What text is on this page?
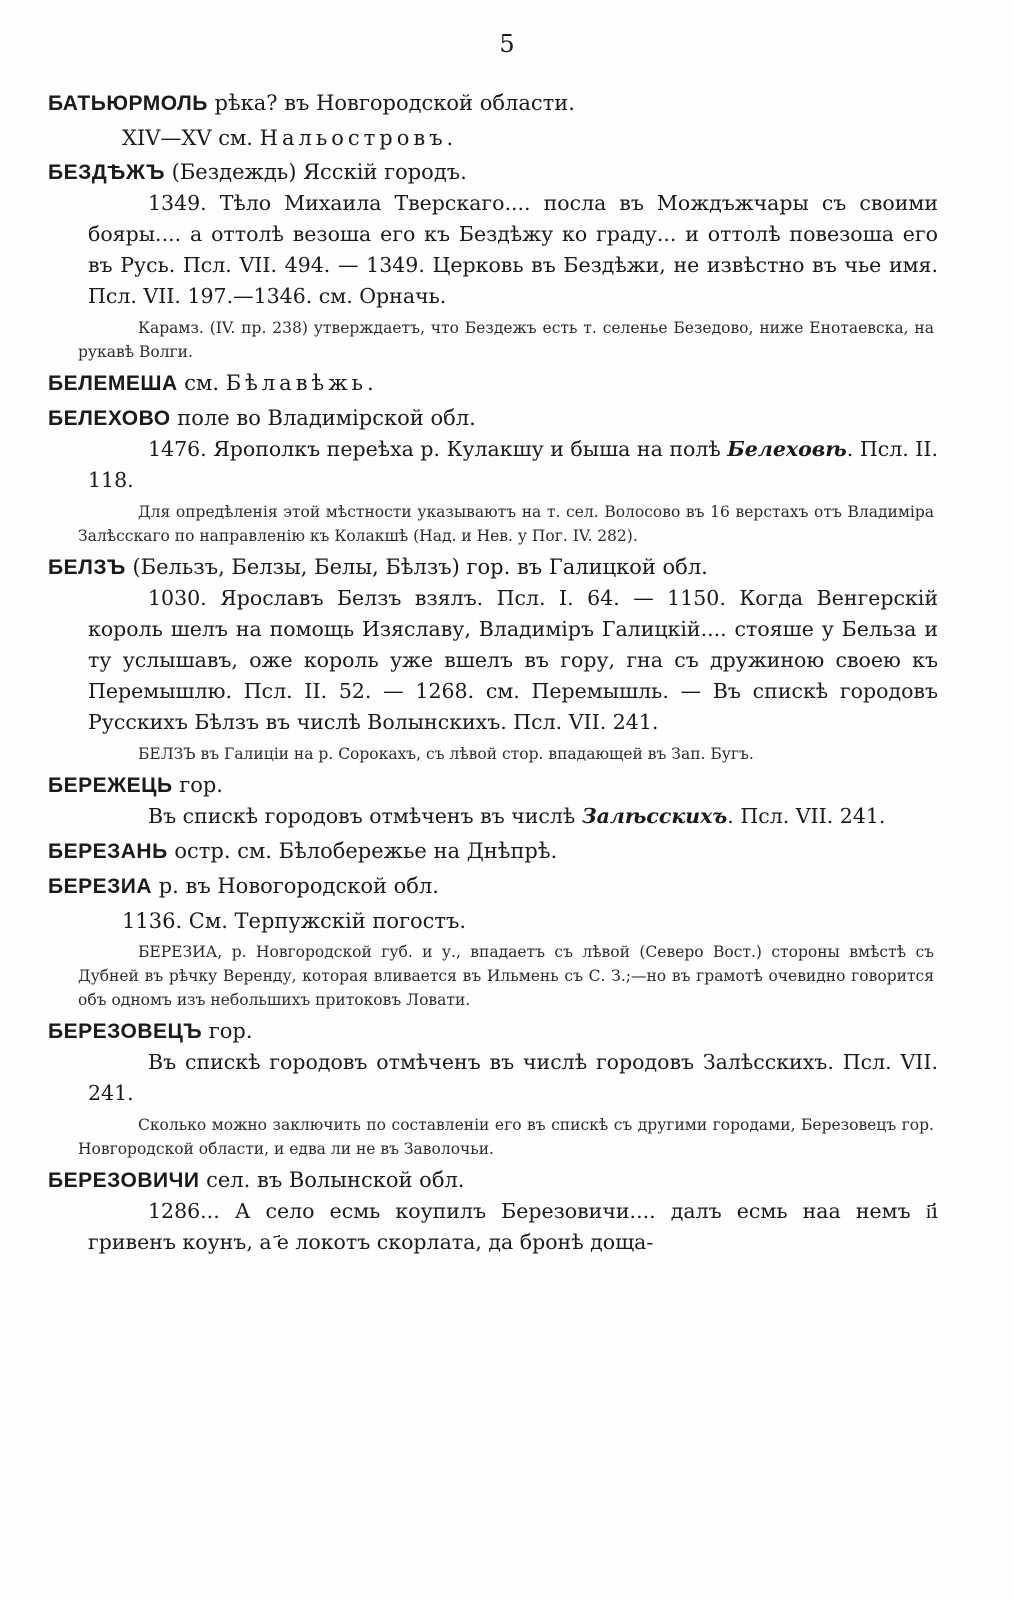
5
БАТЬЮРМОЛЬ рѣка? въ Новгородской области.
XIV—XV см. Нальостровъ.
БЕЗДѢЖЪ (Бездеждь) Ясскій городъ.
1349. Тѣло Михаила Тверскаго.... посла въ Мождъжчары съ своими бояры.... а оттолѣ везоша его къ Бездѣжу ко граду... и оттолѣ повезоша его въ Русь. Псл. VII. 494. — 1349. Церковь въ Бездѣжи, не извѣстно въ чье имя. Псл. VII. 197.—1346. см. Орначь.
Карамз. (IV. пр. 238) утверждаетъ, что Бездежъ есть т. селенье Безедово, ниже Енотаевска, на рукавѣ Волги.
БЕЛЕМЕША см. Бѣлавѣжь.
БЕЛЕХОВО поле во Владимірской обл.
1476. Ярополкъ переѣха р. Кулакшу и быша на полѣ Белеховѣ. Псл. II. 118.
Для опредѣленія этой мѣстности указываютъ на т. сел. Волосово въ 16 верстахъ отъ Владиміра Залѣсскаго по направленію къ Колакшѣ (Над. и Нев. у Пог. IV. 282).
БЕЛЗЪ (Бельзъ, Белзы, Белы, Бѣлзъ) гор. въ Галицкой обл.
1030. Ярославъ Белзъ взялъ. Псл. I. 64. — 1150. Когда Венгерскій король шелъ на помощь Изяславу, Владиміръ Галицкій.... стояше у Бельза и ту услышавъ, оже король уже вшелъ въ гору, гна съ дружиною своею къ Перемышлю. Псл. II. 52. — 1268. см. Перемышль. — Въ спискѣ городовъ Русскихъ Бѣлзъ въ числѣ Волынскихъ. Псл. VII. 241.
БЕЛЗЪ въ Галиціи на р. Сорокахъ, съ лѣвой стор. впадающей въ Зап. Бугъ.
БЕРЕЖЕЦЬ гор.
Въ спискѣ городовъ отмѣченъ въ числѣ Залѣсскихъ. Псл. VII. 241.
БЕРЕЗАНЬ остр. см. Бѣлобережье на Днѣпрѣ.
БЕРЕЗИА р. въ Новогородской обл.
1136. См. Терпужскій погостъ.
БЕРЕЗИА, р. Новгородской губ. и у., впадаетъ съ лѣвой (Северо Вост.) стороны вмѣстѣ съ Дубней въ рѣчку Веренду, которая вливается въ Ильмень съ С. З.;—но въ грамотѣ очевидно говорится объ одномъ изъ небольшихъ притоковъ Ловати.
БЕРЕЗОВЕЦЪ гор.
Въ спискѣ городовъ отмѣченъ въ числѣ городовъ Залѣсскихъ. Псл. VII. 241.
Сколько можно заключить по составленіи его въ спискѣ съ другими городами, Березовецъ гор. Новгородской области, и едва ли не въ Заволочьи.
БЕРЕЗОВИЧИ сел. въ Волынской обл.
1286... А село есмь коупилъ Березовичи.... далъ есмь наа немъ і҃і гривенъ коунъ, а ҃е локотъ скорлата, да бронѣ доща-
